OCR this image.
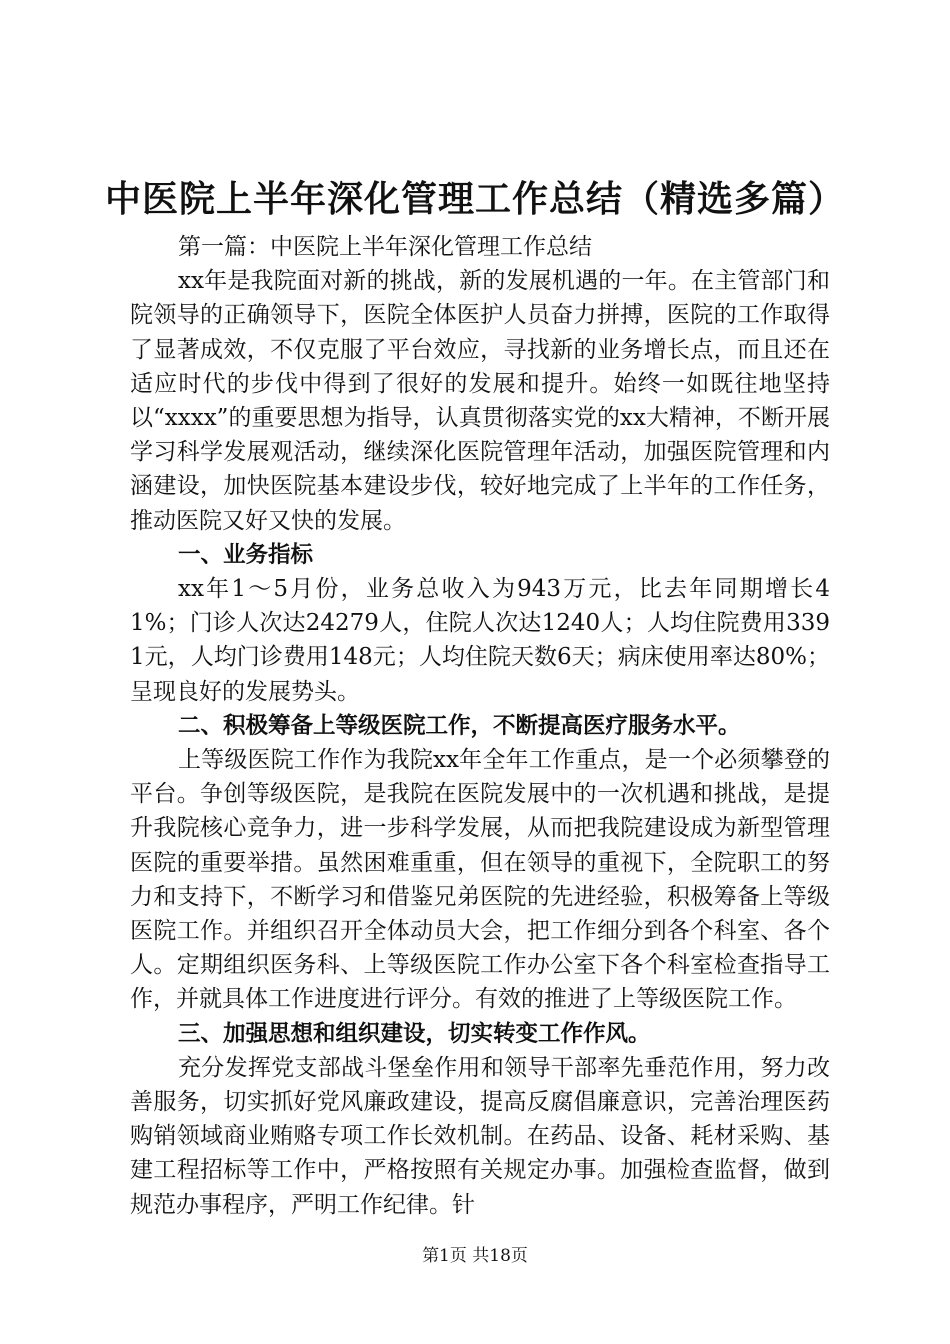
中医院上半年深化管理工作总结（精选多篇）

第一篇：中医院上半年深化管理工作总结

xx年是我院面对新的挑战，新的发展机遇的一年。在主管部门和院领导的正确领导下，医院全体医护人员奋力拼搏，医院的工作取得了显著成效，不仅克服了平台效应，寻找新的业务增长点，而且还在适应时代的步伐中得到了很好的发展和提升。始终一如既往地坚持以“xxxx”的重要思想为指导，认真贯彻落实党的xx大精神，不断开展学习科学发展观活动，继续深化医院管理年活动，加强医院管理和内涵建设，加快医院基本建设步伐，较好地完成了上半年的工作任务，推动医院又好又快的发展。

一、业务指标

xx年1～5月份，业务总收入为943万元，比去年同期增长41%；门诊人次达24279人，住院人次达1240人；人均住院费用3391元，人均门诊费用148元；人均住院天数6天；病床使用率达80%；呈现良好的发展势头。

二、积极筹备上等级医院工作，不断提高医疗服务水平。

上等级医院工作作为我院xx年全年工作重点，是一个必须攀登的平台。争创等级医院，是我院在医院发展中的一次机遇和挑战，是提升我院核心竞争力，进一步科学发展，从而把我院建设成为新型管理医院的重要举措。虽然困难重重，但在领导的重视下，全院职工的努力和支持下，不断学习和借鉴兄弟医院的先进经验，积极筹备上等级医院工作。并组织召开全体动员大会，把工作细分到各个科室、各个人。定期组织医务科、上等级医院工作办公室下各个科室检查指导工作，并就具体工作进度进行评分。有效的推进了上等级医院工作。

三、加强思想和组织建设，切实转变工作作风。

充分发挥党支部战斗堡垒作用和领导干部率先垂范作用，努力改善服务，切实抓好党风廉政建设，提高反腐倡廉意识，完善治理医药购销领域商业贿赂专项工作长效机制。在药品、设备、耗材采购、基建工程招标等工作中，严格按照有关规定办事。加强检查监督，做到规范办事程序，严明工作纪律。针

第1页 共18页
